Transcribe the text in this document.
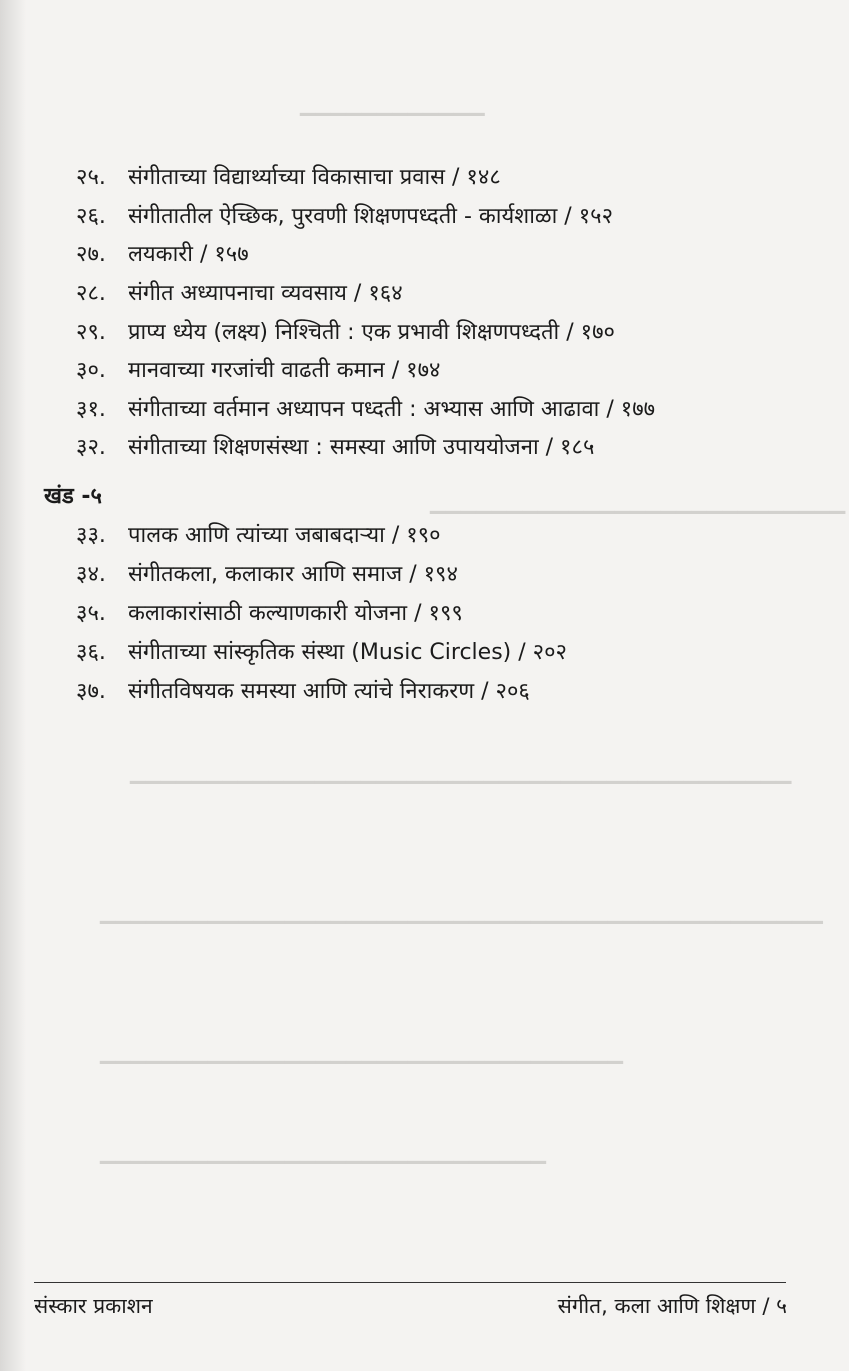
▁▁▁▁▁▁▁▁▁▁▁▁
▁▁▁▁▁▁▁▁▁▁▁▁▁▁▁▁▁▁▁▁▁▁▁▁▁▁▁
▁▁▁▁▁▁▁▁▁▁▁▁▁▁▁▁▁▁▁▁▁▁▁▁▁▁▁▁▁▁▁▁▁▁▁▁▁▁▁▁▁▁▁
▁▁▁▁▁▁▁▁▁▁▁▁▁▁▁▁▁▁▁▁▁▁▁▁▁▁▁▁▁▁▁▁▁▁▁▁▁▁▁▁▁▁▁▁▁▁▁
▁▁▁▁▁▁▁▁▁▁▁▁▁▁▁▁▁▁▁▁▁▁▁▁▁▁▁▁▁▁▁▁▁▁
▁▁▁▁▁▁▁▁▁▁▁▁▁▁▁▁▁▁▁▁▁▁▁▁▁▁▁▁▁
२५. संगीताच्या विद्यार्थ्याच्या विकासाचा प्रवास / १४८
२६. संगीतातील ऐच्छिक, पुरवणी शिक्षणपध्दती - कार्यशाळा / १५२
२७. लयकारी / १५७
२८. संगीत अध्यापनाचा व्यवसाय / १६४
२९. प्राप्य ध्येय (लक्ष्य) निश्चिती : एक प्रभावी शिक्षणपध्दती / १७०
३०. मानवाच्या गरजांची वाढती कमान / १७४
३१. संगीताच्या वर्तमान अध्यापन पध्दती : अभ्यास आणि आढावा / १७७
३२. संगीताच्या शिक्षणसंस्था : समस्या आणि उपाययोजना / १८५
खंड -५
३३. पालक आणि त्यांच्या जबाबदाऱ्या / १९०
३४. संगीतकला, कलाकार आणि समाज / १९४
३५. कलाकारांसाठी कल्याणकारी योजना / १९९
३६. संगीताच्या सांस्कृतिक संस्था (Music Circles) / २०२
३७. संगीतविषयक समस्या आणि त्यांचे निराकरण / २०६
संस्कार प्रकाशन	संगीत, कला आणि शिक्षण / ५
